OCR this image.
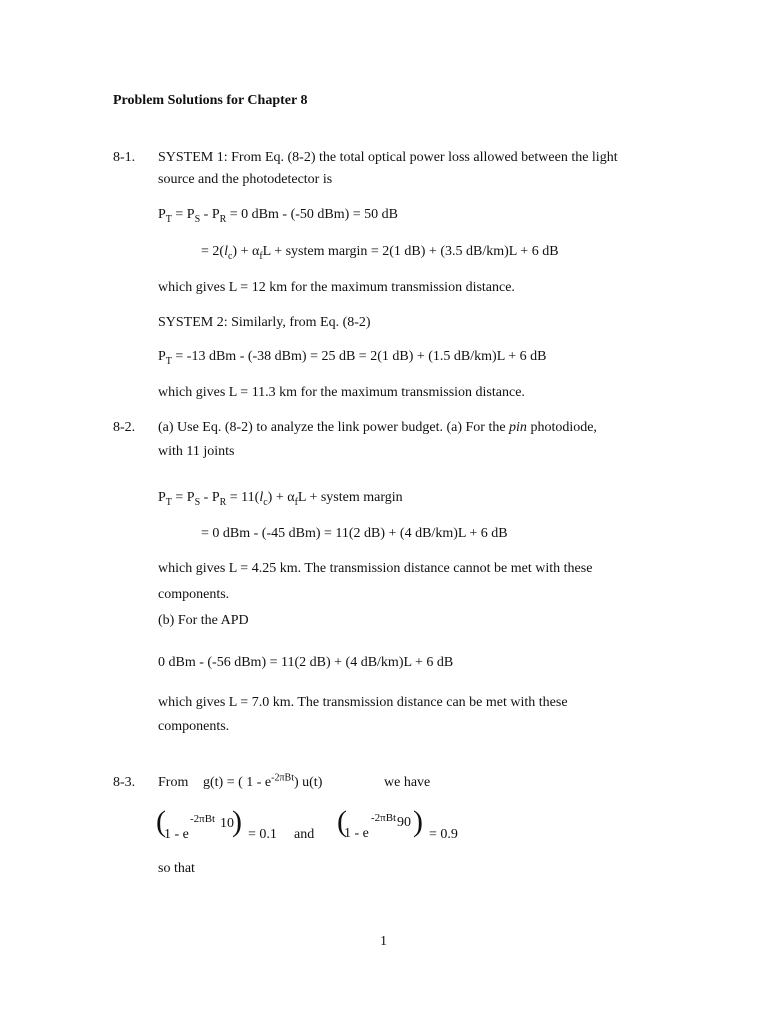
Problem Solutions for Chapter 8
8-1. SYSTEM 1: From Eq. (8-2) the total optical power loss allowed between the light
source and the photodetector is
$P_T = P_S - P_R = 0$ dBm - (-50 dBm) = 50 dB
= $2(l_c) + \alpha_fL$ + system margin = 2(1 dB) + (3.5 dB/km)L + 6 dB
which gives L = 12 km for the maximum transmission distance.
SYSTEM 2: Similarly, from Eq. (8-2)
$P_T = -13$ dBm - (-38 dBm) = 25 dB = 2(1 dB) + (1.5 dB/km)L + 6 dB
which gives L = 11.3 km for the maximum transmission distance.
8-2. (a) Use Eq. (8-2) to analyze the link power budget. (a) For the pin photodiode,
with 11 joints
$P_T = P_S - P_R = 11(l_c) + \alpha_fL$ + system margin
= 0 dBm - (-45 dBm) = 11(2 dB) + (4 dB/km)L + 6 dB
which gives L = 4.25 km. The transmission distance cannot be met with these
components.
(b) For the APD
0 dBm - (-56 dBm) = 11(2 dB) + (4 dB/km)L + 6 dB
which gives L = 7.0 km. The transmission distance can be met with these
components.
8-3. From g(t) = ( $1 - e^{-2\pi Bt}$) u(t)	we have
( -2πBt 10
1 - e ) = 0.1 and ( -2πBt 90
1 - e ) = 0.9
so that
1
